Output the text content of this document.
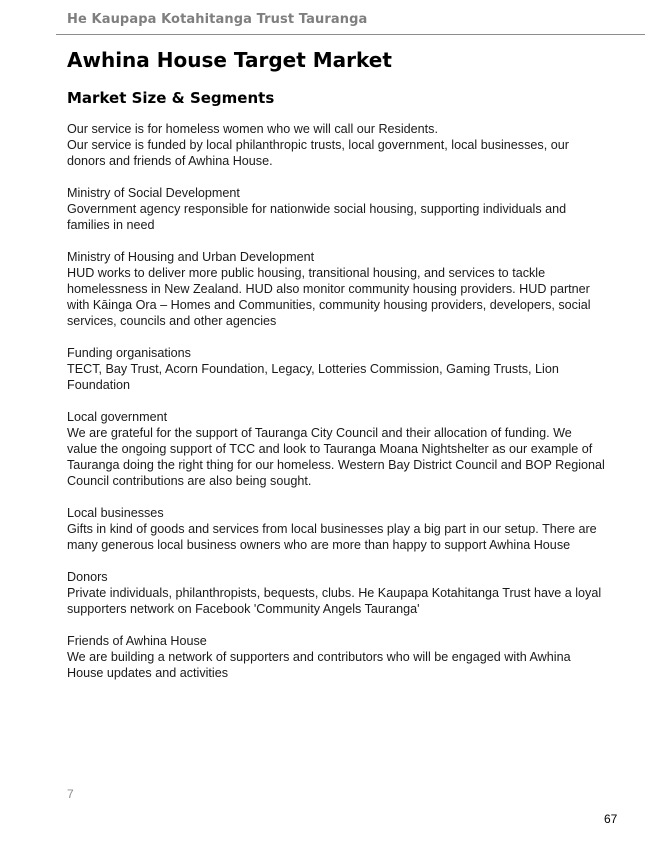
He Kaupapa Kotahitanga Trust Tauranga
Awhina House Target Market
Market Size & Segments
Our service is for homeless women who we will call our Residents.
Our service is funded by local philanthropic trusts, local government, local businesses, our
donors and friends of Awhina House.
Ministry of Social Development
Government agency responsible for nationwide social housing, supporting individuals and
families in need
Ministry of Housing and Urban Development
HUD works to deliver more public housing, transitional housing, and services to tackle
homelessness in New Zealand. HUD also monitor community housing providers. HUD partner
with Kāinga Ora – Homes and Communities, community housing providers, developers, social
services, councils and other agencies
Funding organisations
TECT, Bay Trust, Acorn Foundation, Legacy, Lotteries Commission, Gaming Trusts, Lion
Foundation
Local government
We are grateful for the support of Tauranga City Council and their allocation of funding. We
value the ongoing support of TCC and look to Tauranga Moana Nightshelter as our example of
Tauranga doing the right thing for our homeless. Western Bay District Council and BOP Regional
Council contributions are also being sought.
Local businesses
Gifts in kind of goods and services from local businesses play a big part in our setup. There are
many generous local business owners who are more than happy to support Awhina House
Donors
Private individuals, philanthropists, bequests, clubs. He Kaupapa Kotahitanga Trust have a loyal
supporters network on Facebook 'Community Angels Tauranga'
Friends of Awhina House
We are building a network of supporters and contributors who will be engaged with Awhina
House updates and activities
7
67
